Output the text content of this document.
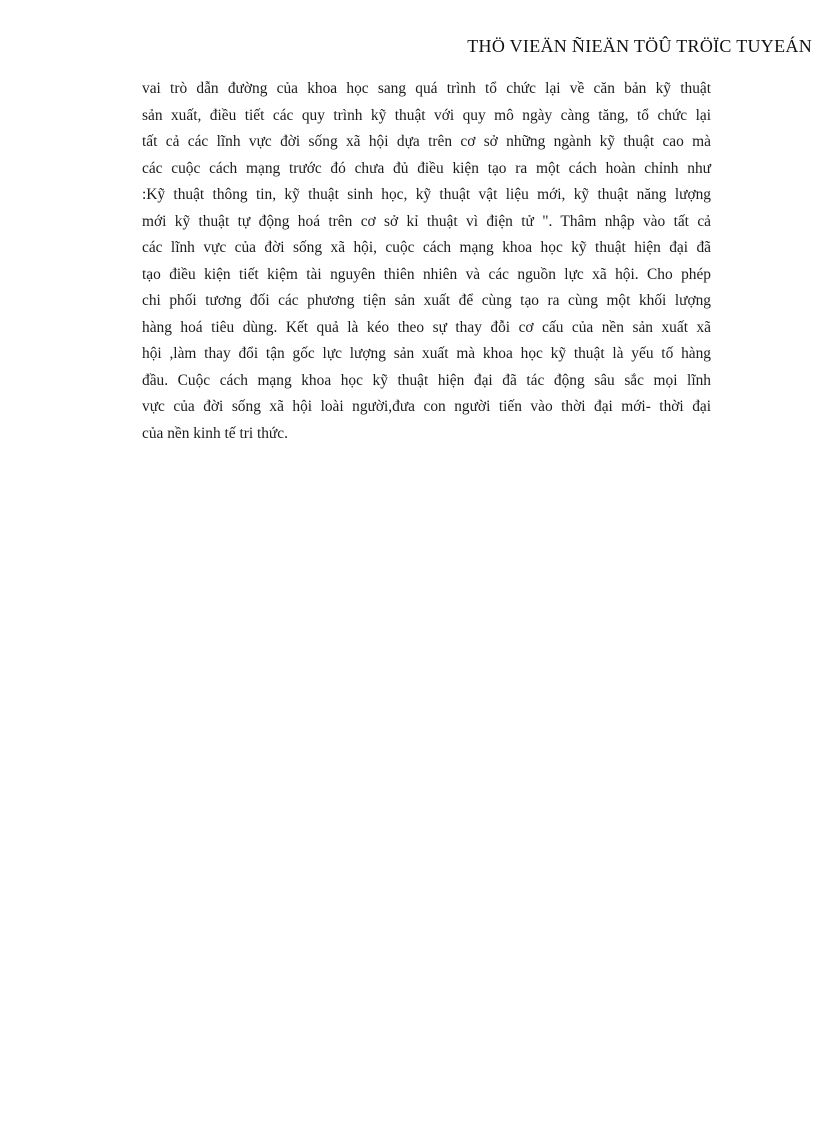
THÖ VIEÄN ÑIEÄN TÖÛ TRÖÏC TUYEÁN
vai trò dẫn đường của khoa học sang quá trình tổ chức lại về căn bản kỹ thuật
sản xuất, điều tiết các quy trình kỹ thuật với quy mô ngày càng tăng, tổ chức lại
tất cả các lĩnh vực đời sống xã hội dựa trên cơ sở những ngành kỹ thuật cao mà
các cuộc cách mạng trước đó chưa đủ điều kiện tạo ra một cách hoàn chỉnh như
:Kỹ thuật thông tin, kỹ thuật sinh học, kỹ thuật vật liệu mới, kỹ thuật năng lượng
mới kỹ thuật tự động hoá trên cơ sở kỉ thuật vì điện tử ". Thâm nhập vào tất cả
các lĩnh vực của đời sống xã hội, cuộc cách mạng khoa học kỹ thuật hiện đại đã
tạo điều kiện tiết kiệm tài nguyên thiên nhiên và các nguồn lực xã hội. Cho phép
chi phối tương đối các phương tiện sản xuất để cùng tạo ra cùng một khối lượng
hàng hoá tiêu dùng. Kết quả là kéo theo sự thay đỗi cơ cấu của nền sản xuất xã
hội ,làm thay đổi tận gốc lực lượng sản xuất mà khoa học kỹ thuật là yếu tố hàng
đầu. Cuộc cách mạng khoa học kỹ thuật hiện đại đã tác động sâu sắc mọi lĩnh
vực của đời sống xã hội loài người,đưa con người tiến vào thời đại mới- thời đại
của nền kinh tế tri thức.
